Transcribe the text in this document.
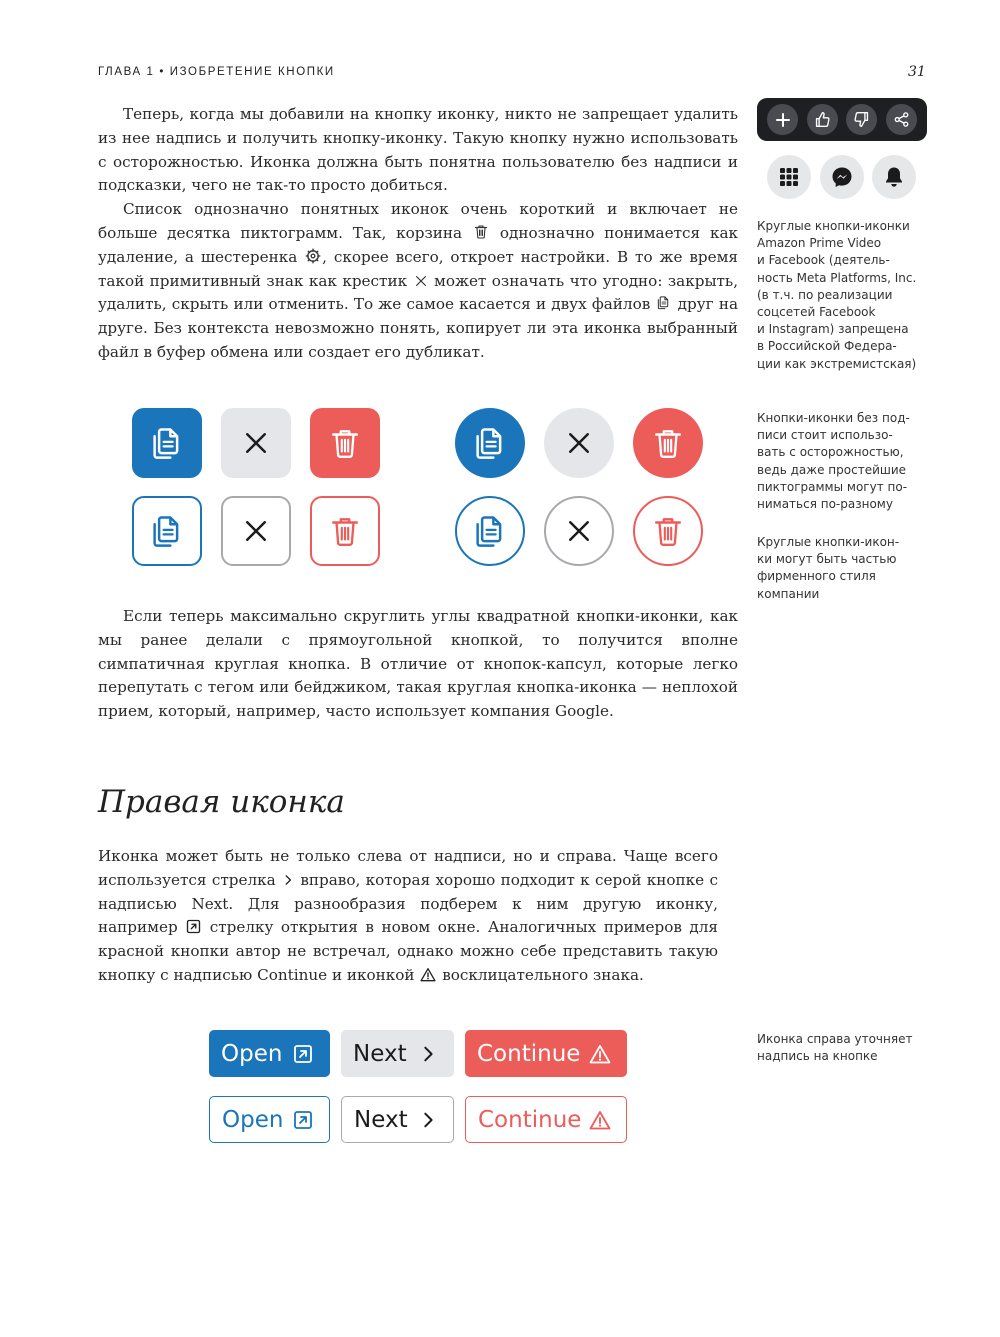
ГЛАВА 1 • ИЗОБРЕТЕНИЕ КНОПКИ	31

Теперь, когда мы добавили на кнопку иконку, никто не запрещает удалить из нее надпись и получить кнопку-иконку. Такую кнопку нужно использовать с осторожностью. Иконка должна быть понятна пользователю без надписи и подсказки, чего не так-то просто добиться.

Список однозначно понятных иконок очень короткий и включает не больше десятка пиктограмм. Так, корзина однозначно понимается как удаление, а шестеренка , скорее всего, откроет настройки. В то же время такой примитивный знак как крестик может означать что угодно: закрыть, удалить, скрыть или отменить. То же самое касается и двух файлов друг на друге. Без контекста невозможно понять, копирует ли эта иконка выбранный файл в буфер обмена или создает его дубликат.

Круглые кнопки-иконки
Amazon Prime Video
и Facebook (деятель-
ность Meta Platforms, Inc.
(в т.ч. по реализации
соцсетей Facebook
и Instagram) запрещена
в Российской Федера-
ции как экстремистская)
Кнопки-иконки без под-
писи стоит использо-
вать с осторожностью,
ведь даже простейшие
пиктограммы могут по-
ниматься по-разному
Круглые кнопки-икон-
ки могут быть частью
фирменного стиля
компании
Иконка справа уточняет
надпись на кнопке

Если теперь максимально скруглить углы квадратной кнопки-иконки, как мы ранее делали с прямоугольной кнопкой, то получится вполне симпатичная круглая кнопка. В отличие от кнопок-капсул, которые легко перепутать с тегом или бейджиком, такая круглая кнопка-иконка — неплохой прием, который, например, часто использует компания Google.

Правая иконка

Иконка может быть не только слева от надписи, но и справа. Чаще всего используется стрелка вправо, которая хорошо подходит к серой кнопке с надписью Next. Для разнообразия подберем к ним другую иконку, например стрелку открытия в новом окне. Аналогичных примеров для красной кнопки автор не встречал, однако можно себе представить такую кнопку с надписью Continue и иконкой восклицательного знака.

Open	Next	Continue
Open	Next	Continue
